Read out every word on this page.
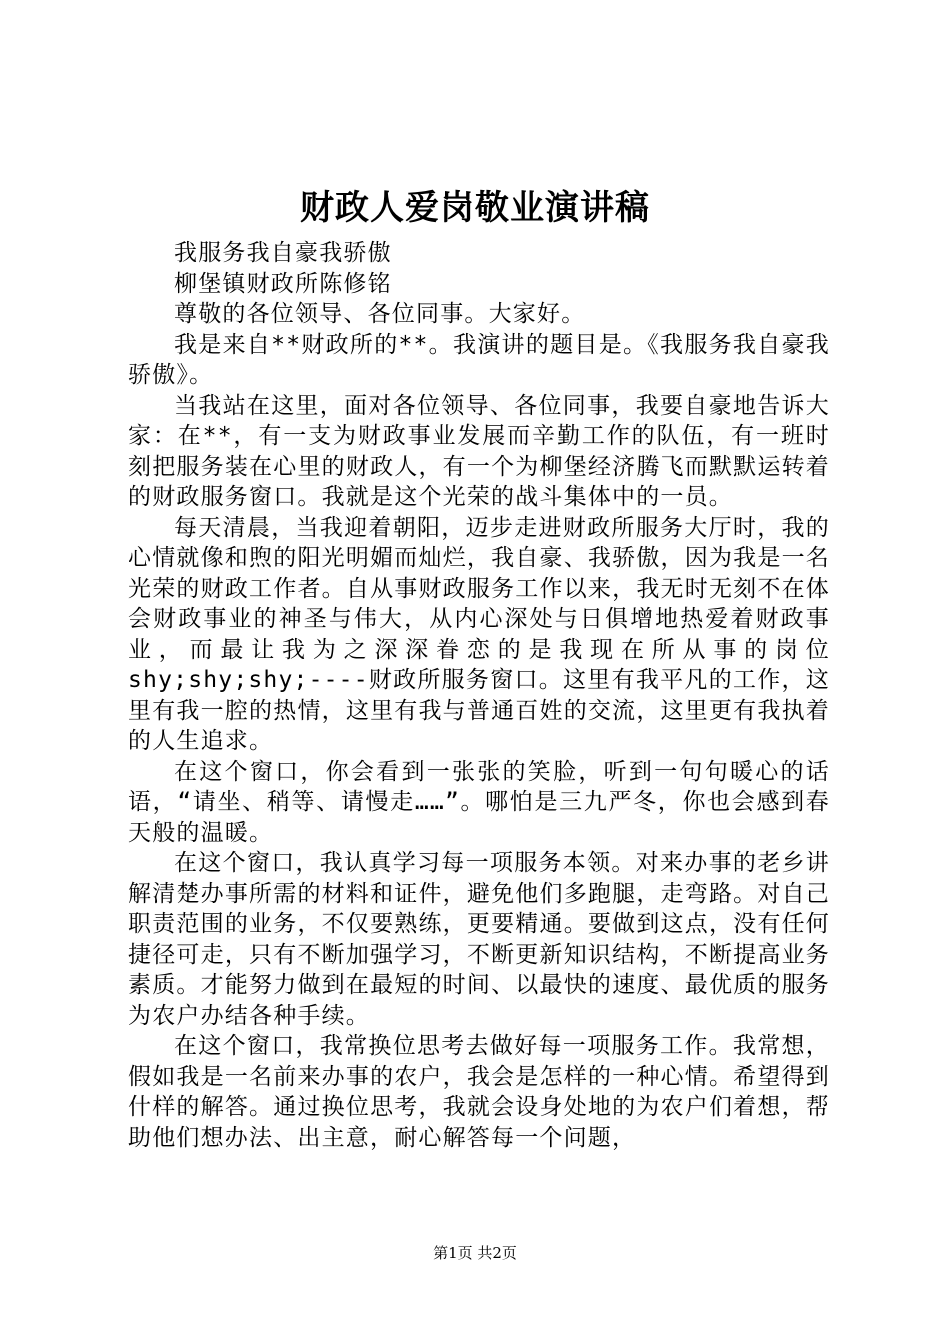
财政人爱岗敬业演讲稿

我服务我自豪我骄傲

柳堡镇财政所陈修铭

尊敬的各位领导、各位同事。大家好。

我是来自**财政所的**。我演讲的题目是。《我服务我自豪我骄傲》。

当我站在这里，面对各位领导、各位同事，我要自豪地告诉大家：在**，有一支为财政事业发展而辛勤工作的队伍，有一班时刻把服务装在心里的财政人，有一个为柳堡经济腾飞而默默运转着的财政服务窗口。我就是这个光荣的战斗集体中的一员。

每天清晨，当我迎着朝阳，迈步走进财政所服务大厅时，我的心情就像和煦的阳光明媚而灿烂，我自豪、我骄傲，因为我是一名光荣的财政工作者。自从事财政服务工作以来，我无时无刻不在体会财政事业的神圣与伟大，从内心深处与日俱增地热爱着财政事业，而最让我为之深深眷恋的是我现在所从事的岗位shy;shy;shy;----财政所服务窗口。这里有我平凡的工作，这里有我一腔的热情，这里有我与普通百姓的交流，这里更有我执着的人生追求。

在这个窗口，你会看到一张张的笑脸，听到一句句暖心的话语，“请坐、稍等、请慢走……”。哪怕是三九严冬，你也会感到春天般的温暖。

在这个窗口，我认真学习每一项服务本领。对来办事的老乡讲解清楚办事所需的材料和证件，避免他们多跑腿，走弯路。对自己职责范围的业务，不仅要熟练，更要精通。要做到这点，没有任何捷径可走，只有不断加强学习，不断更新知识结构，不断提高业务素质。才能努力做到在最短的时间、以最快的速度、最优质的服务为农户办结各种手续。

在这个窗口，我常换位思考去做好每一项服务工作。我常想，假如我是一名前来办事的农户，我会是怎样的一种心情。希望得到什样的解答。通过换位思考，我就会设身处地的为农户们着想，帮助他们想办法、出主意，耐心解答每一个问题，

第1页 共2页
